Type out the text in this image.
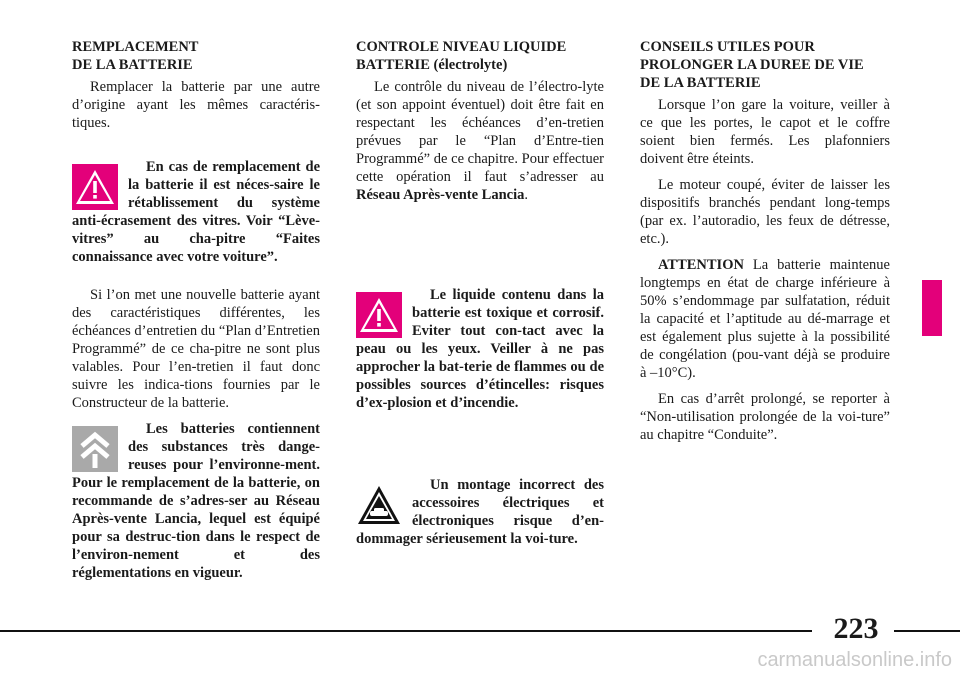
REMPLACEMENT
DE LA BATTERIE

Remplacer la batterie par une autre d’origine ayant les mêmes caractéris-tiques.

En cas de remplacement de la batterie il est néces-saire le rétablissement du système anti-écrasement des vitres. Voir “Lève-vitres” au cha-pitre “Faites connaissance avec votre voiture”.

Si l’on met une nouvelle batterie ayant des caractéristiques différentes, les échéances d’entretien du “Plan d’Entretien Programmé” de ce cha-pitre ne sont plus valables. Pour l’en-tretien il faut donc suivre les indica-tions fournies par le Constructeur de la batterie.

Les batteries contiennent des substances très dange-reuses pour l’environne-ment. Pour le remplacement de la batterie, on recommande de s’adres-ser au Réseau Après-vente Lancia, lequel est équipé pour sa destruc-tion dans le respect de l’environ-nement et des réglementations en vigueur.

CONTROLE NIVEAU LIQUIDE
BATTERIE (électrolyte)

Le contrôle du niveau de l’électro-lyte (et son appoint éventuel) doit être fait en respectant les échéances d’en-tretien prévues par le “Plan d’Entre-tien Programmé” de ce chapitre. Pour effectuer cette opération il faut s’adresser au Réseau Après-vente Lancia.

Le liquide contenu dans la batterie est toxique et corrosif. Eviter tout con-tact avec la peau ou les yeux. Veiller à ne pas approcher la bat-terie de flammes ou de possibles sources d’étincelles: risques d’ex-plosion et d’incendie.

Un montage incorrect des accessoires électriques et électroniques risque d’en-dommager sérieusement la voi-ture.

CONSEILS UTILES POUR
PROLONGER LA DUREE DE VIE
DE LA BATTERIE

Lorsque l’on gare la voiture, veiller à ce que les portes, le capot et le coffre soient bien fermés. Les plafonniers doivent être éteints.

Le moteur coupé, éviter de laisser les dispositifs branchés pendant long-temps (par ex. l’autoradio, les feux de détresse, etc.).

ATTENTION La batterie maintenue longtemps en état de charge inférieure à 50% s’endommage par sulfatation, réduit la capacité et l’aptitude au dé-marrage et est également plus sujette à la possibilité de congélation (pou-vant déjà se produire à –10°C).

En cas d’arrêt prolongé, se reporter à “Non-utilisation prolongée de la voi-ture” au chapitre “Conduite”.

223
carmanualsonline.info
